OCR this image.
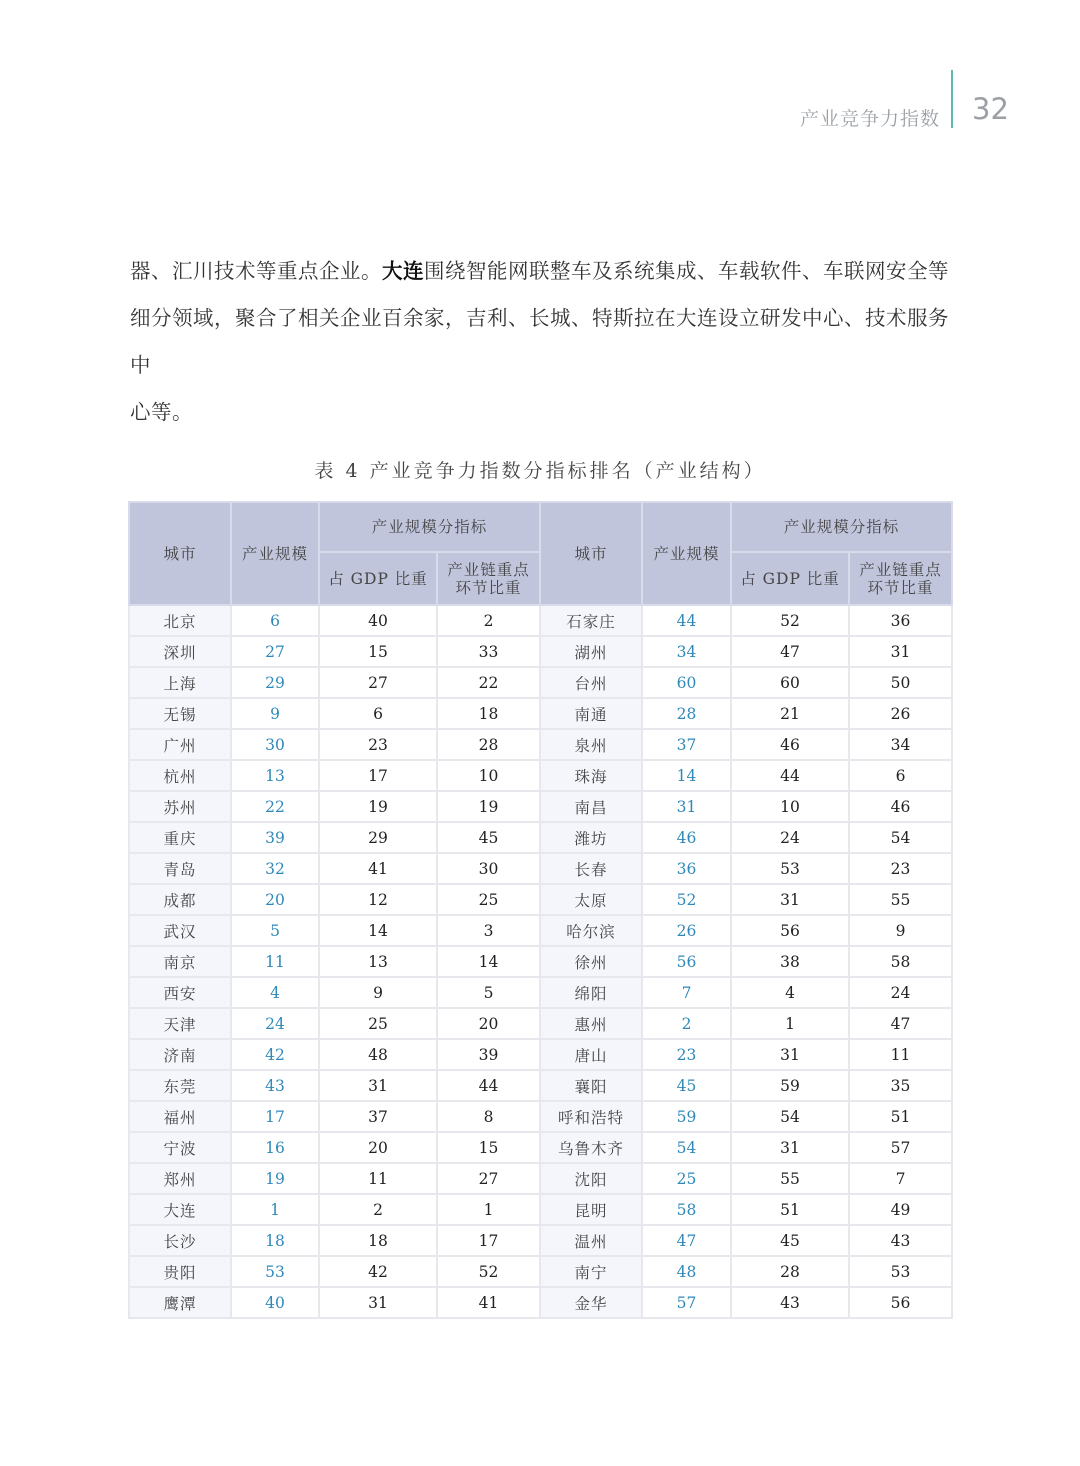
产业竞争力指数 32
器、汇川技术等重点企业。大连围绕智能网联整车及系统集成、车载软件、车联网安全等
细分领域，聚合了相关企业百余家，吉利、长城、特斯拉在大连设立研发中心、技术服务中
心等。
表 4 产业竞争力指数分指标排名（产业结构）
城市	产业规模	产业规模分指标		城市	产业规模	产业规模分指标	
		占 GDP 比重	产业链重点环节比重			占 GDP 比重	产业链重点环节比重
北京	6	40	2	石家庄	44	52	36
深圳	27	15	33	湖州	34	47	31
上海	29	27	22	台州	60	60	50
无锡	9	6	18	南通	28	21	26
广州	30	23	28	泉州	37	46	34
杭州	13	17	10	珠海	14	44	6
苏州	22	19	19	南昌	31	10	46
重庆	39	29	45	潍坊	46	24	54
青岛	32	41	30	长春	36	53	23
成都	20	12	25	太原	52	31	55
武汉	5	14	3	哈尔滨	26	56	9
南京	11	13	14	徐州	56	38	58
西安	4	9	5	绵阳	7	4	24
天津	24	25	20	惠州	2	1	47
济南	42	48	39	唐山	23	31	11
东莞	43	31	44	襄阳	45	59	35
福州	17	37	8	呼和浩特	59	54	51
宁波	16	20	15	乌鲁木齐	54	31	57
郑州	19	11	27	沈阳	25	55	7
大连	1	2	1	昆明	58	51	49
长沙	18	18	17	温州	47	45	43
贵阳	53	42	52	南宁	48	28	53
鹰潭	40	31	41	金华	57	43	56
